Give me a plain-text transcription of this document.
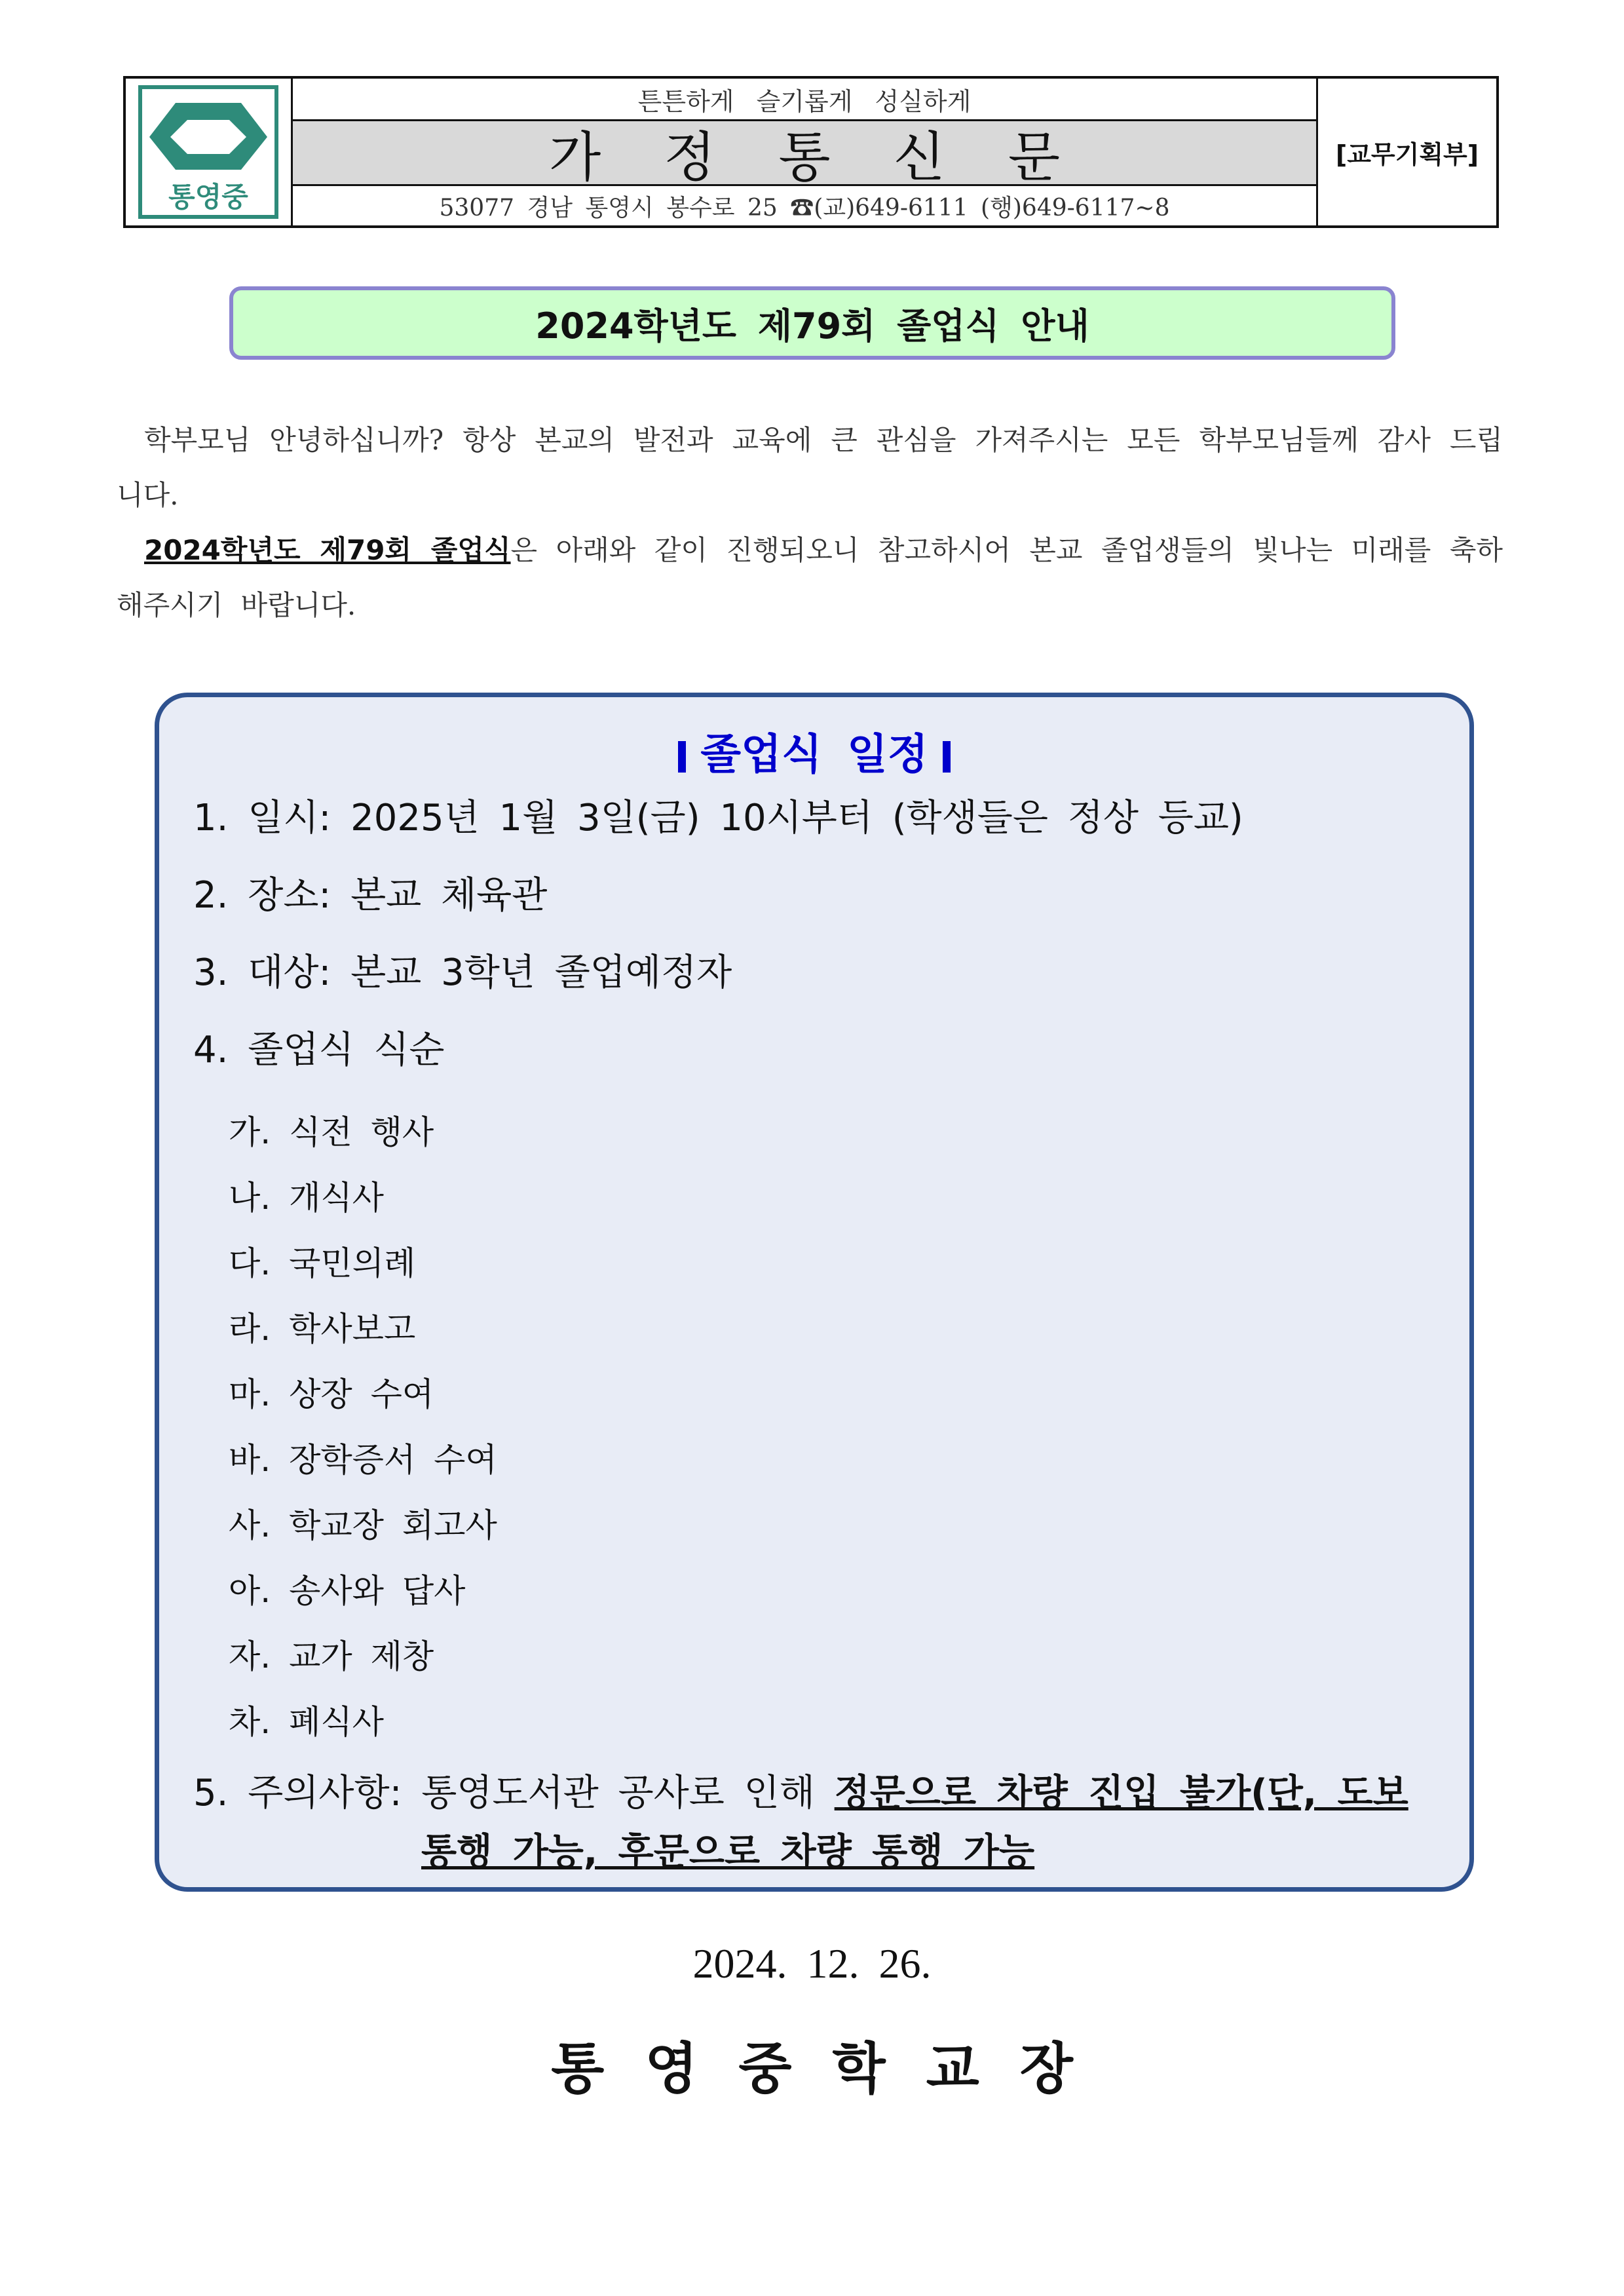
통영중
튼튼하게 슬기롭게 성실하게
가정통신문
53077 경남 통영시 봉수로 25 ☎(교)649-6111 (행)649-6117~8
[교무기획부]
2024학년도 제79회 졸업식 안내

학부모님 안녕하십니까? 항상 본교의 발전과 교육에 큰 관심을 가져주시는 모든 학부모님들께 감사 드립니다.

2024학년도 제79회 졸업식은 아래와 같이 진행되오니 참고하시어 본교 졸업생들의 빛나는 미래를 축하해주시기 바랍니다.

졸업식 일정
1. 일시: 2025년 1월 3일(금) 10시부터 (학생들은 정상 등교)
2. 장소: 본교 체육관
3. 대상: 본교 3학년 졸업예정자
4. 졸업식 식순
가. 식전 행사
나. 개식사
다. 국민의례
라. 학사보고
마. 상장 수여
바. 장학증서 수여
사. 학교장 회고사
아. 송사와 답사
자. 교가 제창
차. 폐식사
5. 주의사항: 통영도서관 공사로 인해 정문으로 차량 진입 불가(단, 도보
통행 가능, 후문으로 차량 통행 가능
2024. 12. 26.
통영중학교장
